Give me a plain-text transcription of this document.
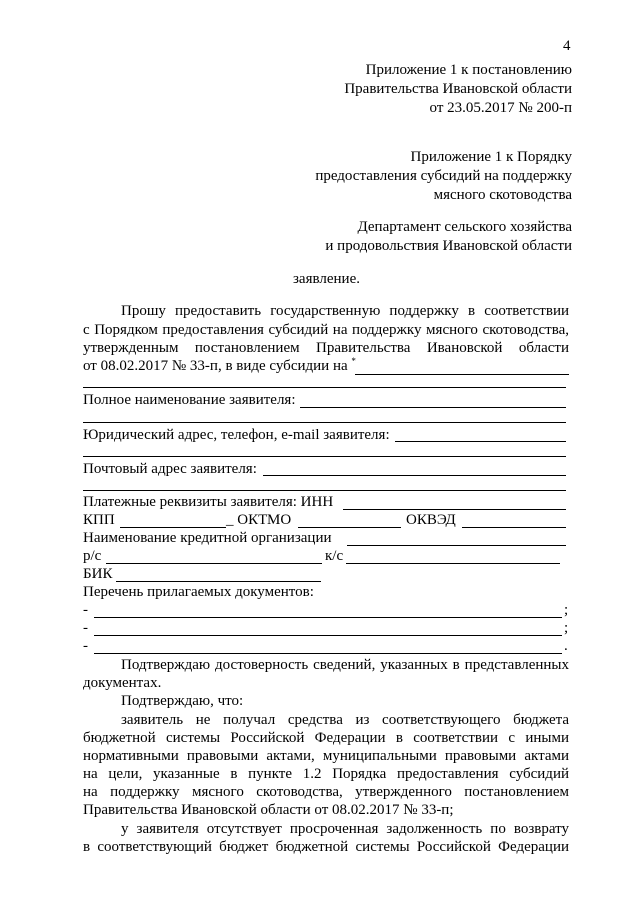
4
Приложение 1 к постановлению
Правительства Ивановской области
от 23.05.2017 № 200-п
Приложение 1 к Порядку
предоставления субсидий на поддержку
мясного скотоводства
Департамент сельского хозяйства
и продовольствия Ивановской области
заявление.
Прошу предоставить государственную поддержку в соответствии
с Порядком предоставления субсидий на поддержку мясного скотоводства,
утвержденным постановлением Правительства Ивановской области
от 08.02.2017 № 33-п, в виде субсидии на *
Полное наименование заявителя:
Юридический адрес, телефон, e-mail заявителя:
Почтовый адрес заявителя:
Платежные реквизиты заявителя: ИНН
КПП	_ ОКТМО	ОКВЭД
Наименование кредитной организации
р/с	к/с
БИК
Перечень прилагаемых документов:
-	;
-	;
-	.
Подтверждаю достоверность сведений, указанных в представленных
документах.
Подтверждаю, что:
заявитель не получал средства из соответствующего бюджета
бюджетной системы Российской Федерации в соответствии с иными
нормативными правовыми актами, муниципальными правовыми актами
на цели, указанные в пункте 1.2 Порядка предоставления субсидий
на поддержку мясного скотоводства, утвержденного постановлением
Правительства Ивановской области от 08.02.2017 № 33-п;
у заявителя отсутствует просроченная задолженность по возврату
в соответствующий бюджет бюджетной системы Российской Федерации
